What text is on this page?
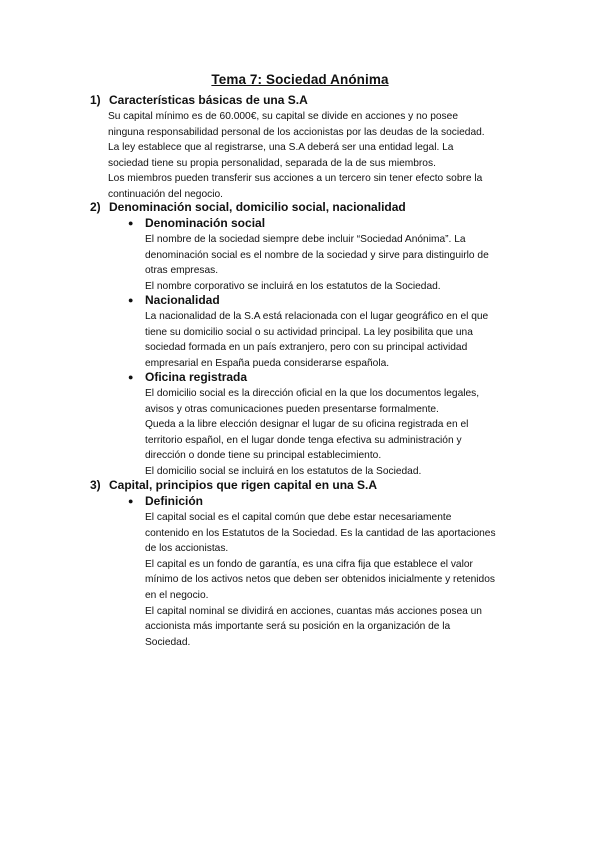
Tema 7: Sociedad Anónima
1) Características básicas de una S.A
Su capital mínimo es de 60.000€, su capital se divide en acciones y no posee
ninguna responsabilidad personal de los accionistas por las deudas de la sociedad.
La ley establece que al registrarse, una S.A deberá ser una entidad legal. La
sociedad tiene su propia personalidad, separada de la de sus miembros.
Los miembros pueden transferir sus acciones a un tercero sin tener efecto sobre la
continuación del negocio.
2) Denominación social, domicilio social, nacionalidad
● Denominación social
El nombre de la sociedad siempre debe incluir “Sociedad Anónima”. La
denominación social es el nombre de la sociedad y sirve para distinguirlo de
otras empresas.
El nombre corporativo se incluirá en los estatutos de la Sociedad.
● Nacionalidad
La nacionalidad de la S.A está relacionada con el lugar geográfico en el que
tiene su domicilio social o su actividad principal. La ley posibilita que una
sociedad formada en un país extranjero, pero con su principal actividad
empresarial en España pueda considerarse española.
● Oficina registrada
El domicilio social es la dirección oficial en la que los documentos legales,
avisos y otras comunicaciones pueden presentarse formalmente.
Queda a la libre elección designar el lugar de su oficina registrada en el
territorio español, en el lugar donde tenga efectiva su administración y
dirección o donde tiene su principal establecimiento.
El domicilio social se incluirá en los estatutos de la Sociedad.
3) Capital, principios que rigen capital en una S.A
● Definición
El capital social es el capital común que debe estar necesariamente
contenido en los Estatutos de la Sociedad. Es la cantidad de las aportaciones
de los accionistas.
El capital es un fondo de garantía, es una cifra fija que establece el valor
mínimo de los activos netos que deben ser obtenidos inicialmente y retenidos
en el negocio.
El capital nominal se dividirá en acciones, cuantas más acciones posea un
accionista más importante será su posición en la organización de la
Sociedad.
